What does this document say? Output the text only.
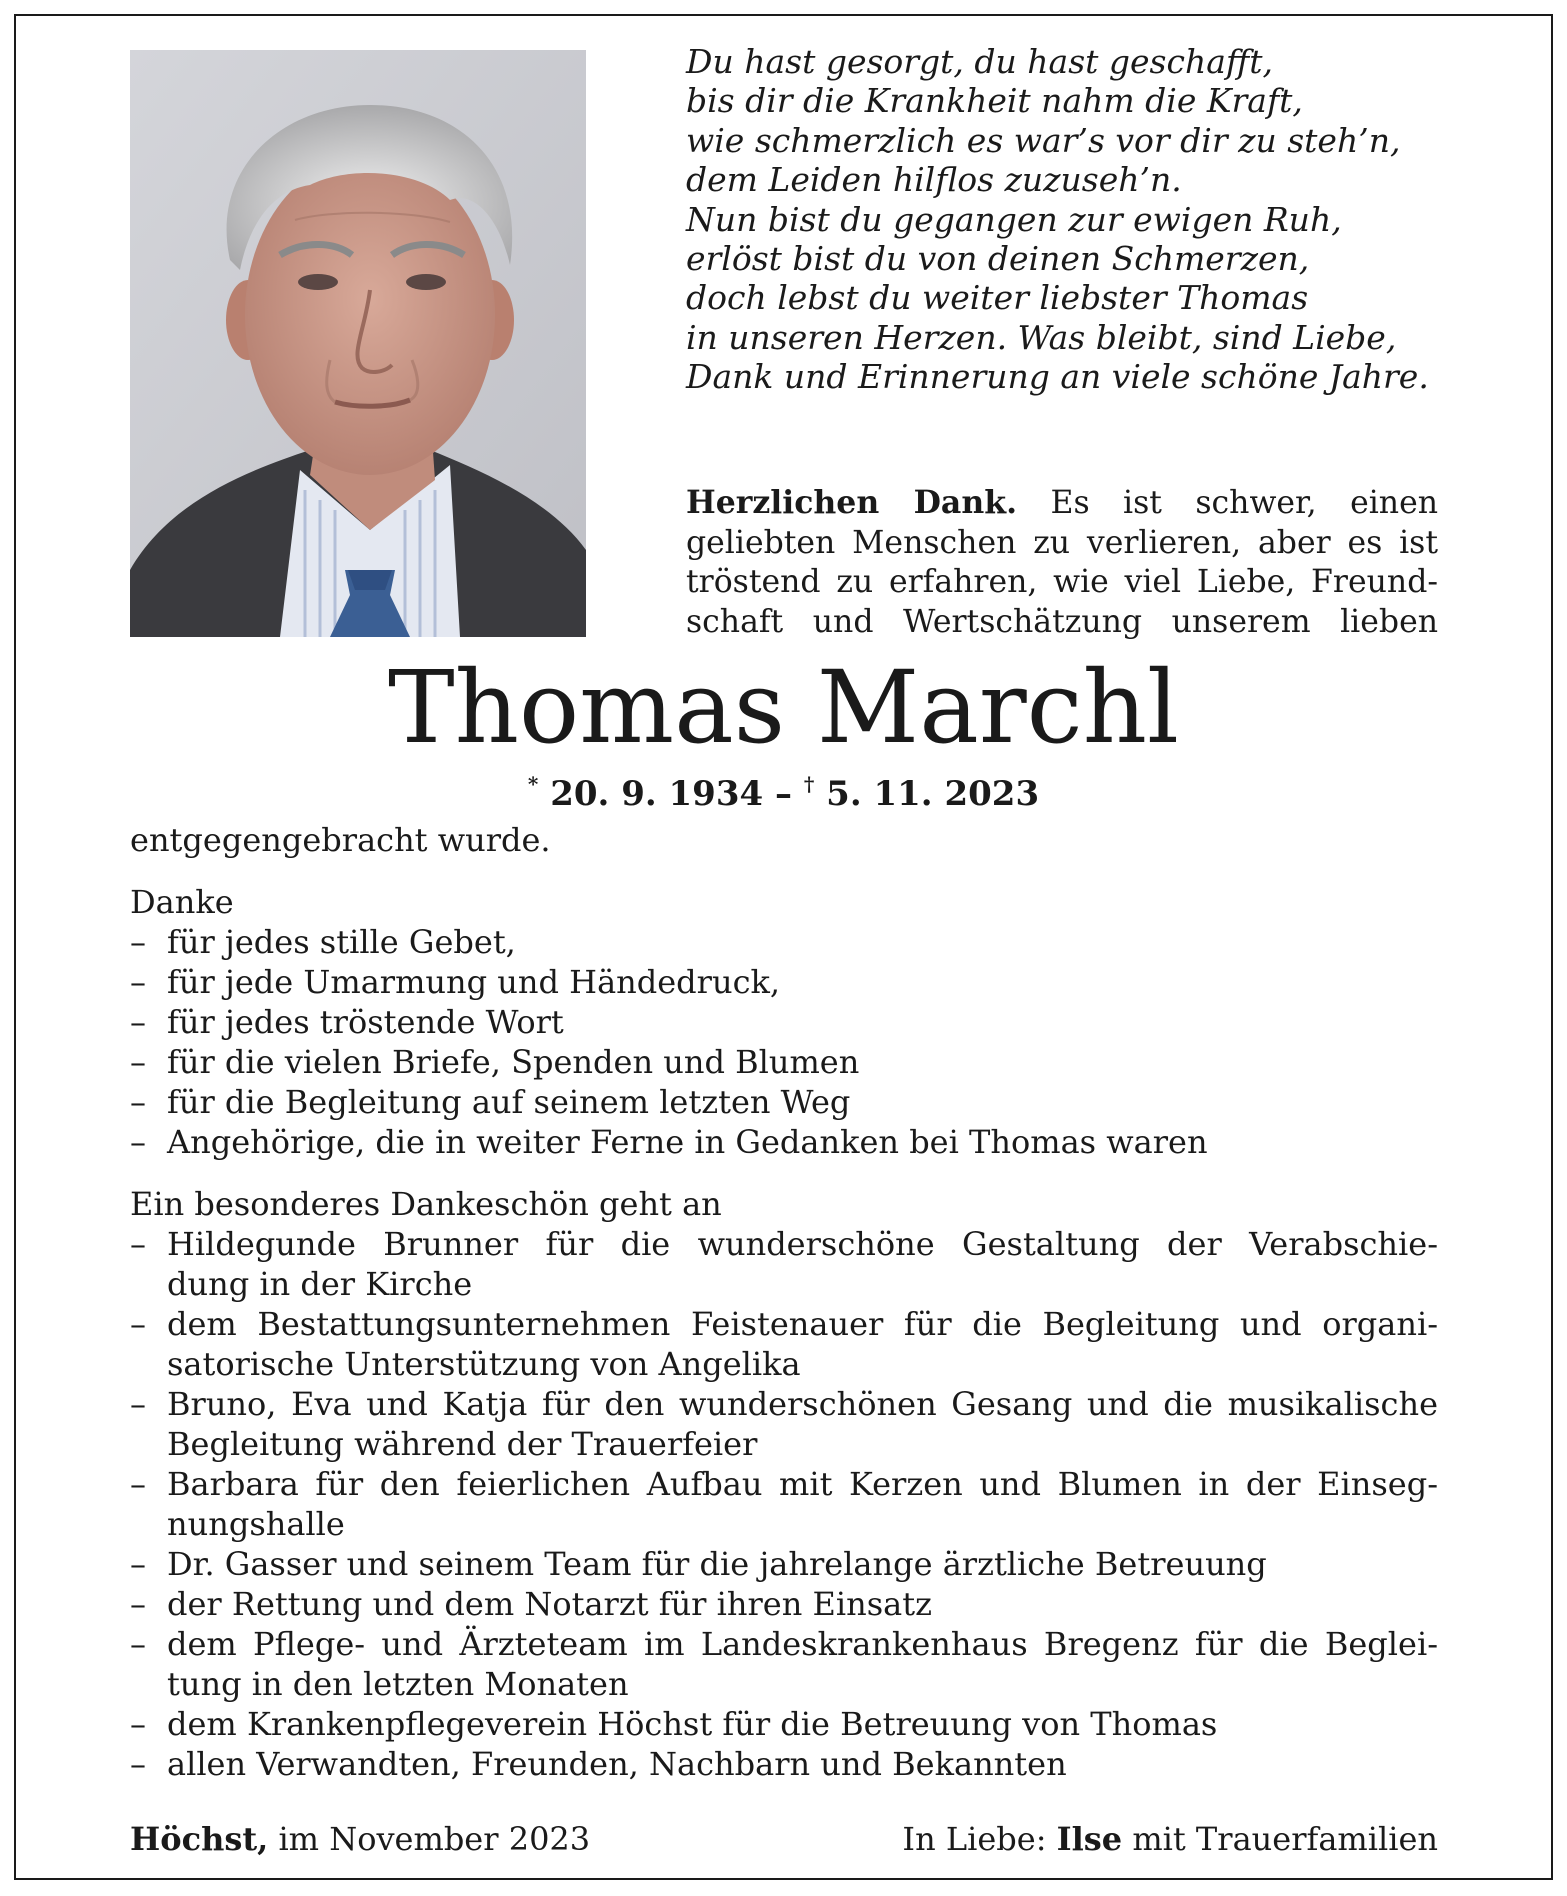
Du hast gesorgt, du hast geschafft,
bis dir die Krankheit nahm die Kraft,
wie schmerzlich es war’s vor dir zu steh’n,
dem Leiden hilflos zuzuseh’n.
Nun bist du gegangen zur ewigen Ruh,
erlöst bist du von deinen Schmerzen,
doch lebst du weiter liebster Thomas
in unseren Herzen. Was bleibt, sind Liebe,
Dank und Erinnerung an viele schöne Jahre.
Herzlichen Dank. Es ist schwer, einen
geliebten Menschen zu verlieren, aber es ist
tröstend zu erfahren, wie viel Liebe, Freund-
schaft und Wertschätzung unserem lieben
Thomas Marchl
* 20. 9. 1934 – † 5. 11. 2023
entgegengebracht wurde.
Danke
– für jedes stille Gebet,
– für jede Umarmung und Händedruck,
– für jedes tröstende Wort
– für die vielen Briefe, Spenden und Blumen
– für die Begleitung auf seinem letzten Weg
– Angehörige, die in weiter Ferne in Gedanken bei Thomas waren
Ein besonderes Dankeschön geht an
– Hildegunde Brunner für die wunderschöne Gestaltung der Verabschie-
dung in der Kirche
– dem Bestattungsunternehmen Feistenauer für die Begleitung und organi-
satorische Unterstützung von Angelika
– Bruno, Eva und Katja für den wunderschönen Gesang und die musikalische
Begleitung während der Trauerfeier
– Barbara für den feierlichen Aufbau mit Kerzen und Blumen in der Einseg-
nungshalle
– Dr. Gasser und seinem Team für die jahrelange ärztliche Betreuung
– der Rettung und dem Notarzt für ihren Einsatz
– dem Pflege- und Ärzteteam im Landeskrankenhaus Bregenz für die Beglei-
tung in den letzten Monaten
– dem Krankenpflegeverein Höchst für die Betreuung von Thomas
– allen Verwandten, Freunden, Nachbarn und Bekannten
Höchst, im November 2023	In Liebe: Ilse mit Trauerfamilien
